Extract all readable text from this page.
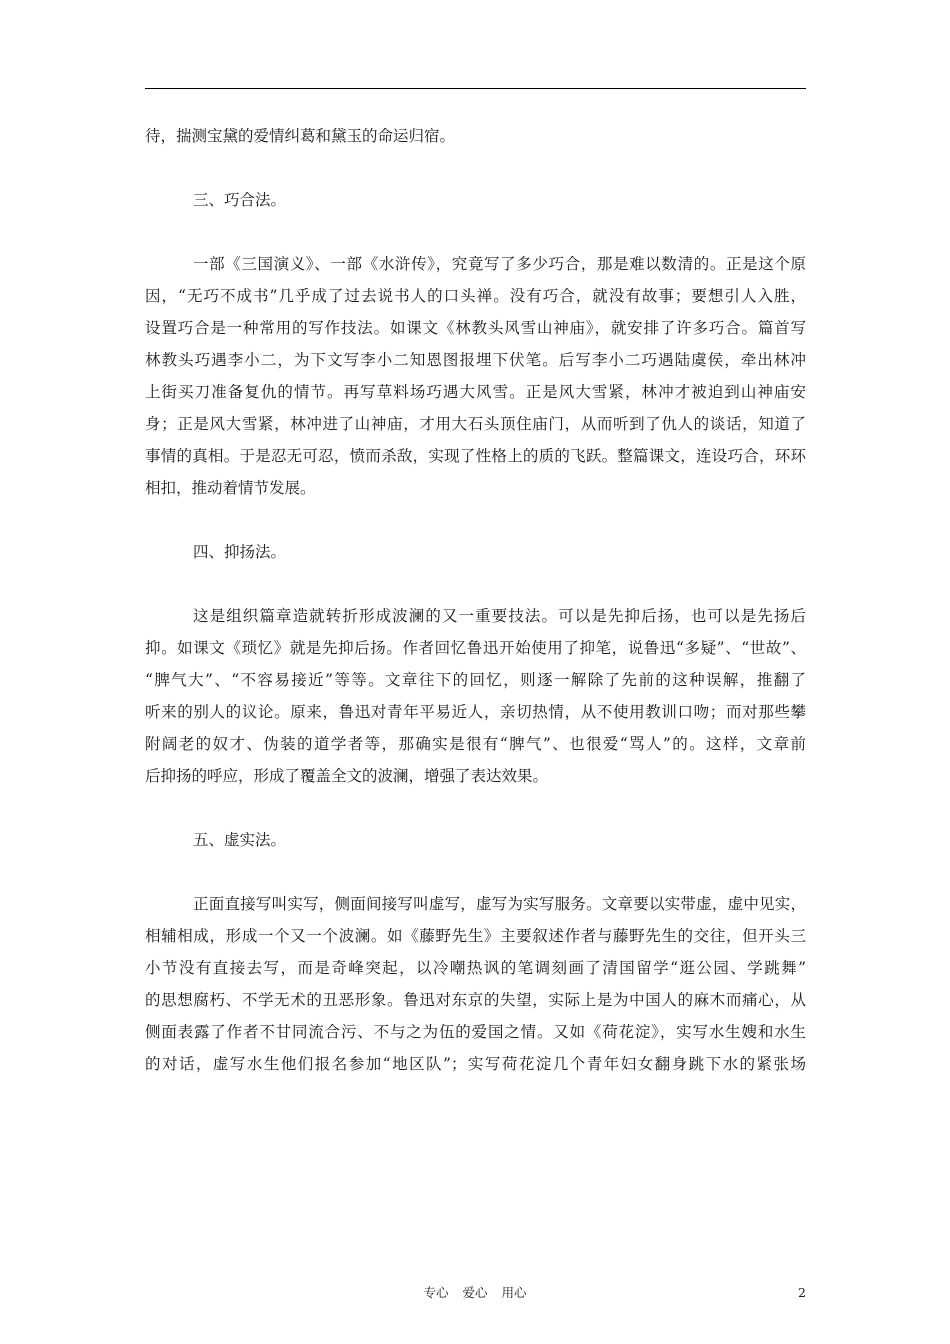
待，揣测宝黛的爱情纠葛和黛玉的命运归宿。
三、巧合法。
一部《三国演义》、一部《水浒传》，究竟写了多少巧合，那是难以数清的。正是这个原
因，“无巧不成书”几乎成了过去说书人的口头禅。没有巧合，就没有故事；要想引人入胜，
设置巧合是一种常用的写作技法。如课文《林教头风雪山神庙》，就安排了许多巧合。篇首写
林教头巧遇李小二，为下文写李小二知恩图报埋下伏笔。后写李小二巧遇陆虞侯，牵出林冲
上街买刀准备复仇的情节。再写草料场巧遇大风雪。正是风大雪紧，林冲才被迫到山神庙安
身；正是风大雪紧，林冲进了山神庙，才用大石头顶住庙门，从而听到了仇人的谈话，知道了
事情的真相。于是忍无可忍，愤而杀敌，实现了性格上的质的飞跃。整篇课文，连设巧合，环环
相扣，推动着情节发展。
四、抑扬法。
这是组织篇章造就转折形成波澜的又一重要技法。可以是先抑后扬，也可以是先扬后
抑。如课文《琐忆》就是先抑后扬。作者回忆鲁迅开始使用了抑笔，说鲁迅“多疑”、“世故”、
“脾气大”、“不容易接近”等等。文章往下的回忆，则逐一解除了先前的这种误解，推翻了
听来的别人的议论。原来，鲁迅对青年平易近人，亲切热情，从不使用教训口吻；而对那些攀
附阔老的奴才、伪装的道学者等，那确实是很有“脾气”、也很爱“骂人”的。这样，文章前
后抑扬的呼应，形成了覆盖全文的波澜，增强了表达效果。
五、虚实法。
正面直接写叫实写，侧面间接写叫虚写，虚写为实写服务。文章要以实带虚，虚中见实，
相辅相成，形成一个又一个波澜。如《藤野先生》主要叙述作者与藤野先生的交往，但开头三
小节没有直接去写，而是奇峰突起，以冷嘲热讽的笔调刻画了清国留学“逛公园、学跳舞”
的思想腐朽、不学无术的丑恶形象。鲁迅对东京的失望，实际上是为中国人的麻木而痛心，从
侧面表露了作者不甘同流合污、不与之为伍的爱国之情。又如《荷花淀》，实写水生嫂和水生
的对话，虚写水生他们报名参加“地区队”；实写荷花淀几个青年妇女翻身跳下水的紧张场
专心 爱心 用心	2
